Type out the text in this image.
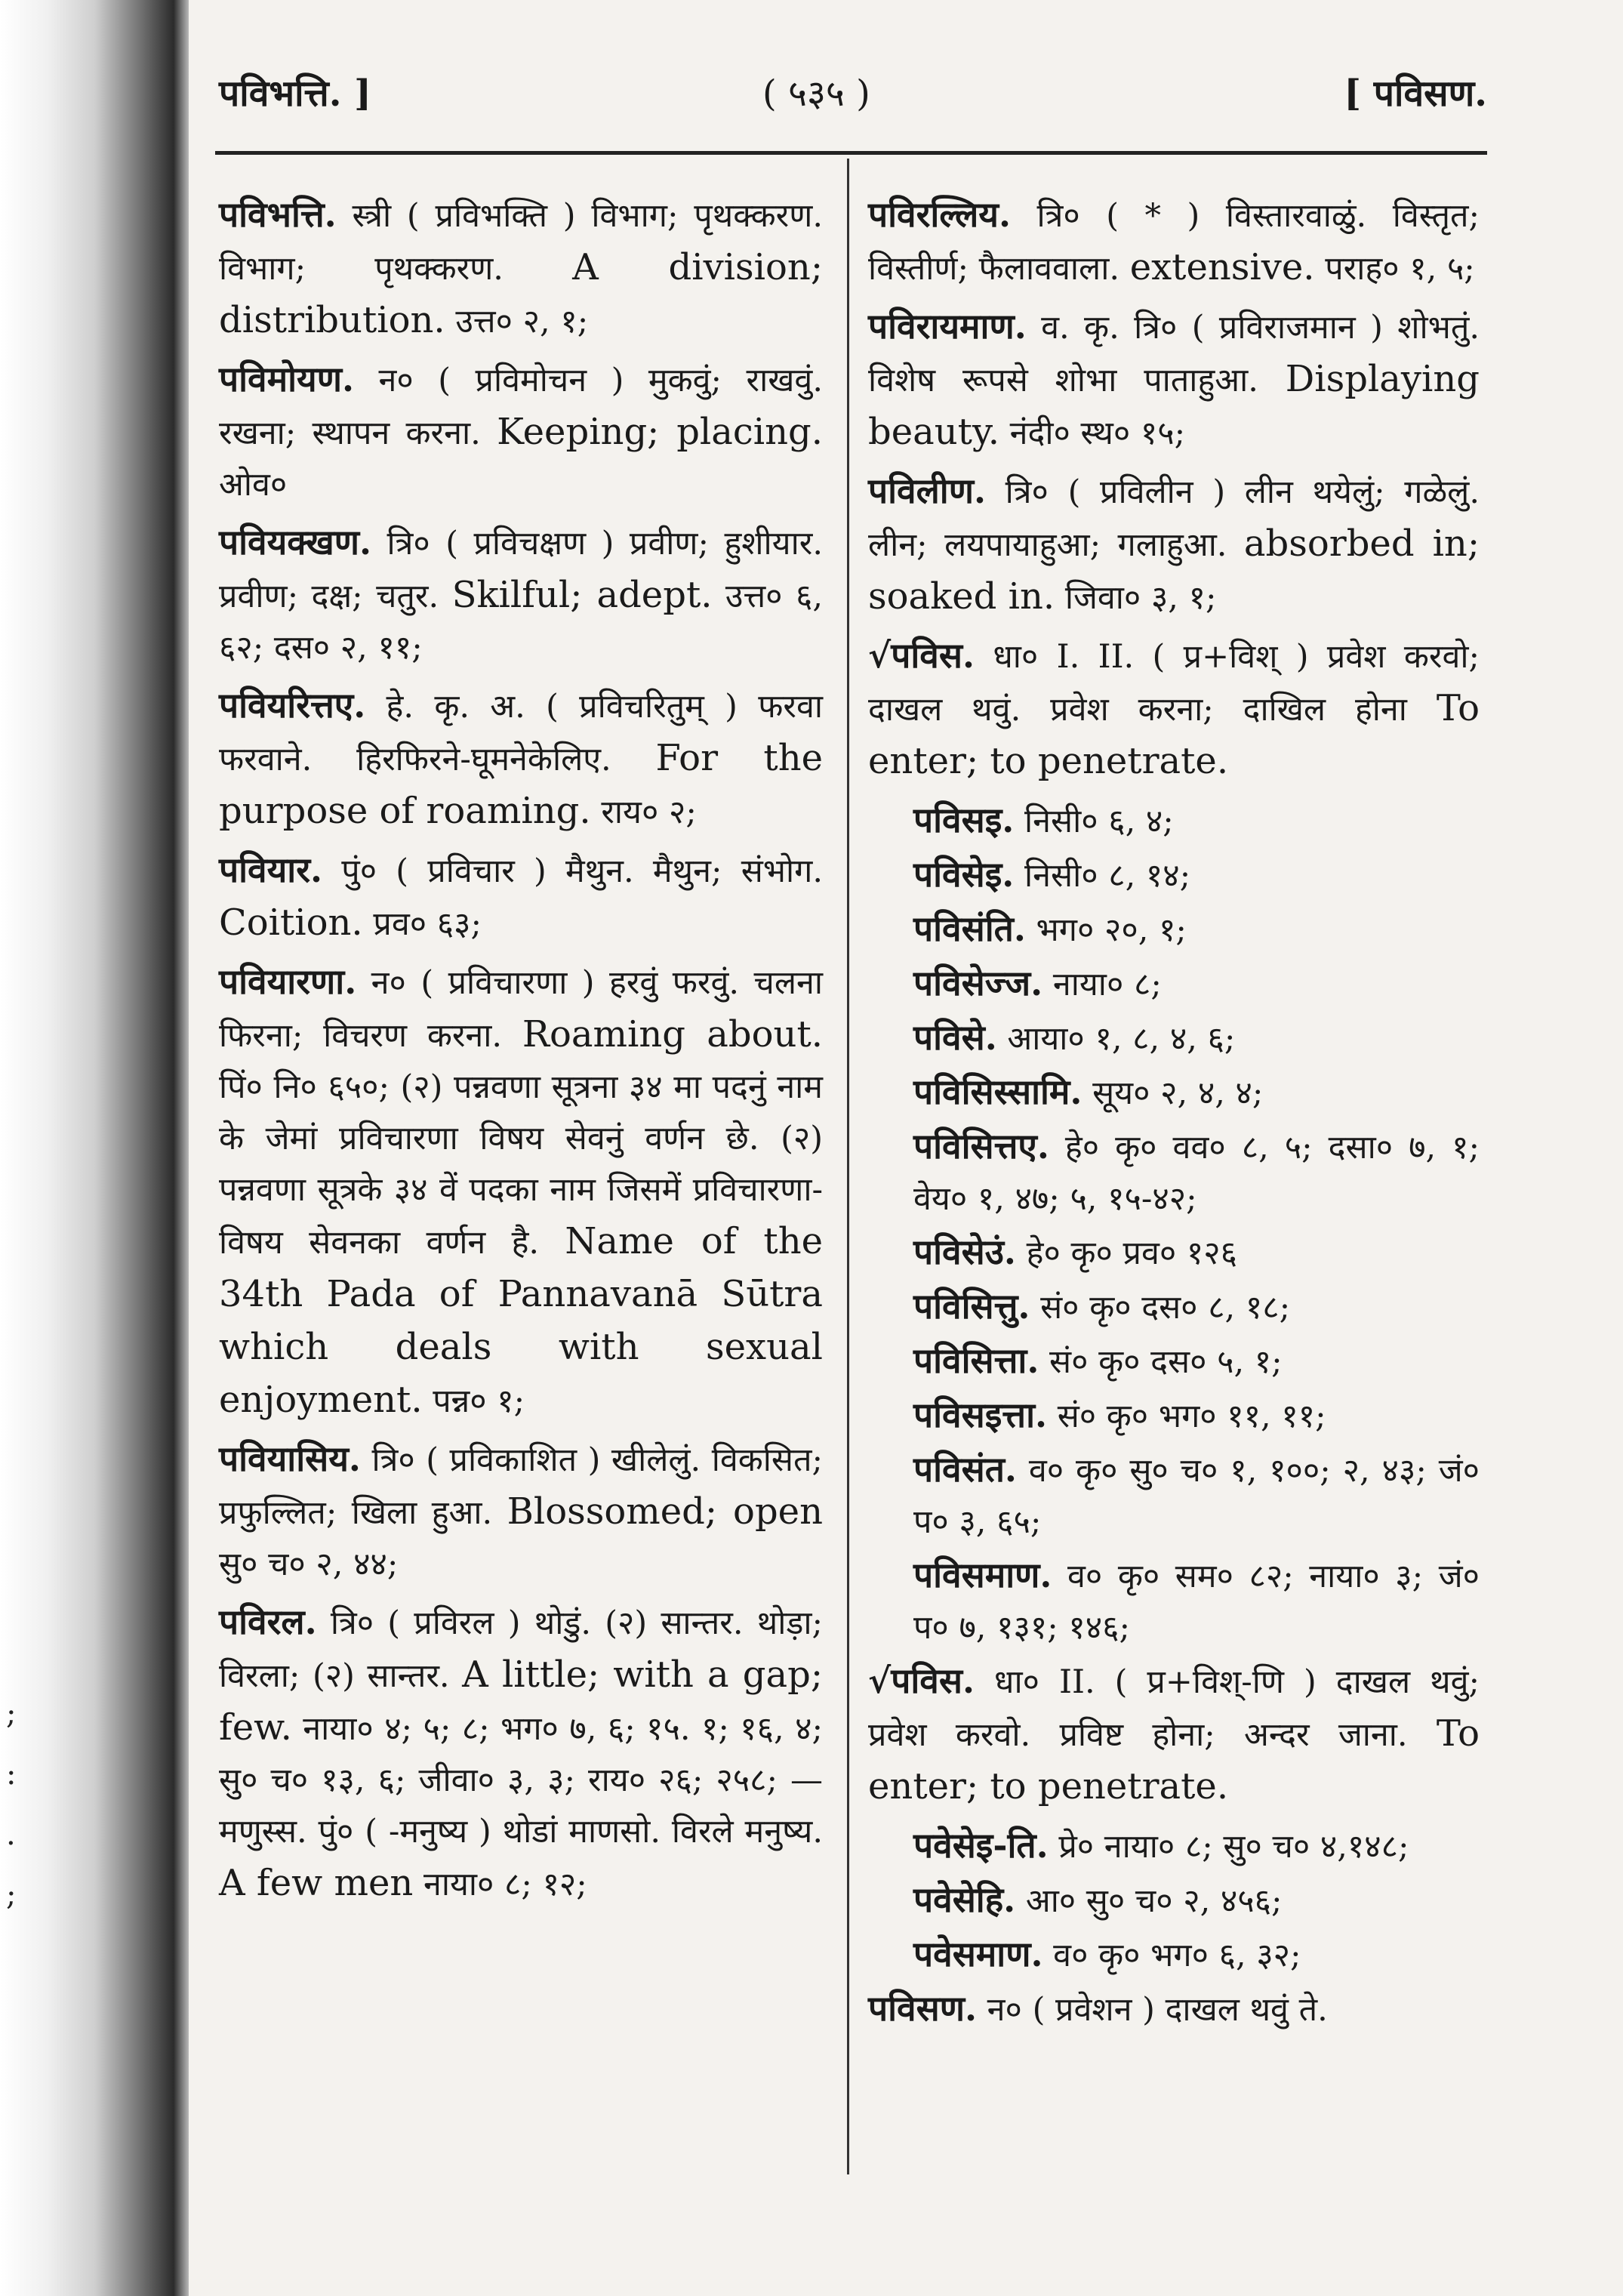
;
:
.
;
पविभत्ति. ]	( ५३५ )	[ पविसण.

पविभत्ति. स्त्री ( प्रविभक्ति ) विभाग; पृथक्करण. विभाग; पृथक्करण. A division; distribution. उत्त० २, १;

पविमोयण. न० ( प्रविमोचन ) मुकवुं; राखवुं. रखना; स्थापन करना. Keeping; placing. ओव०

पवियक्खण. त्रि० ( प्रविचक्षण ) प्रवीण; हुशीयार. प्रवीण; दक्ष; चतुर. Skilful; adept. उत्त० ६, ६२; दस० २, ११;

पवियरित्तए. हे. कृ. अ. ( प्रविचरितुम् ) फरवा फरवाने. हिरफिरने-घूमनेकेलिए. For the purpose of roaming. राय० २;

पवियार. पुं० ( प्रविचार ) मैथुन. मैथुन; संभोग. Coition. प्रव० ६३;

पवियारणा. न० ( प्रविचारणा ) हरवुं फरवुं. चलना फिरना; विचरण करना. Roaming about. पिं० नि० ६५०; (२) पन्नवणा सूत्रना ३४ मा पदनुं नाम के जेमां प्रविचारणा विषय सेवनुं वर्णन छे. (२) पन्नवणा सूत्रके ३४ वें पदका नाम जिसमें प्रविचारणा-विषय सेवनका वर्णन है. Name of the 34th Pada of Pannavanā Sūtra which deals with sexual enjoyment. पन्न० १;

पवियासिय. त्रि० ( प्रविकाशित ) खीलेलुं. विकसित; प्रफुल्लित; खिला हुआ. Blossomed; open सु० च० २, ४४;

पविरल. त्रि० ( प्रविरल ) थोडुं. (२) सान्तर. थोड़ा; विरला; (२) सान्तर. A little; with a gap; few. नाया० ४; ५; ८; भग० ७, ६; १५. १; १६, ४; सु० च० १३, ६; जीवा० ३, ३; राय० २६; २५८; —मणुस्स. पुं० ( -मनुष्य ) थोडां माणसो. विरले मनुष्य. A few men नाया० ८; १२;

पविरल्लिय. त्रि० ( * ) विस्तारवाळुं. विस्तृत; विस्तीर्ण; फैलाववाला. extensive. पराह० १, ५;

पविरायमाण. व. कृ. त्रि० ( प्रविराजमान ) शोभतुं. विशेष रूपसे शोभा पाताहुआ. Displaying beauty. नंदी० स्थ० १५;

पविलीण. त्रि० ( प्रविलीन ) लीन थयेलुं; गळेलुं. लीन; लयपायाहुआ; गलाहुआ. absorbed in; soaked in. जिवा० ३, १;

√पविस. धा० I. II. ( प्र+विश् ) प्रवेश करवो; दाखल थवुं. प्रवेश करना; दाखिल होना To enter; to penetrate.

पविसइ. निसी० ६, ४;

पविसेइ. निसी० ८, १४;

पविसंति. भग० २०, १;

पविसेज्ज. नाया० ८;

पविसे. आया० १, ८, ४, ६;

पविसिस्सामि. सूय० २, ४, ४;

पविसित्तए. हे० कृ० वव० ८, ५; दसा० ७, १; वेय० १, ४७; ५, १५-४२;

पविसेउं. हे० कृ० प्रव० १२६

पविसित्तु. सं० कृ० दस० ८, १८;

पविसित्ता. सं० कृ० दस० ५, १;

पविसइत्ता. सं० कृ० भग० ११, ११;

पविसंत. व० कृ० सु० च० १, १००; २, ४३; जं० प० ३, ६५;

पविसमाण. व० कृ० सम० ८२; नाया० ३; जं० प० ७, १३१; १४६;

√पविस. धा० II. ( प्र+विश्-णि ) दाखल थवुं; प्रवेश करवो. प्रविष्ट होना; अन्दर जाना. To enter; to penetrate.

पवेसेइ-ति. प्रे० नाया० ८; सु० च० ४,१४८;

पवेसेहि. आ० सु० च० २, ४५६;

पवेसमाण. व० कृ० भग० ६, ३२;

पविसण. न० ( प्रवेशन ) दाखल थवुं ते.
